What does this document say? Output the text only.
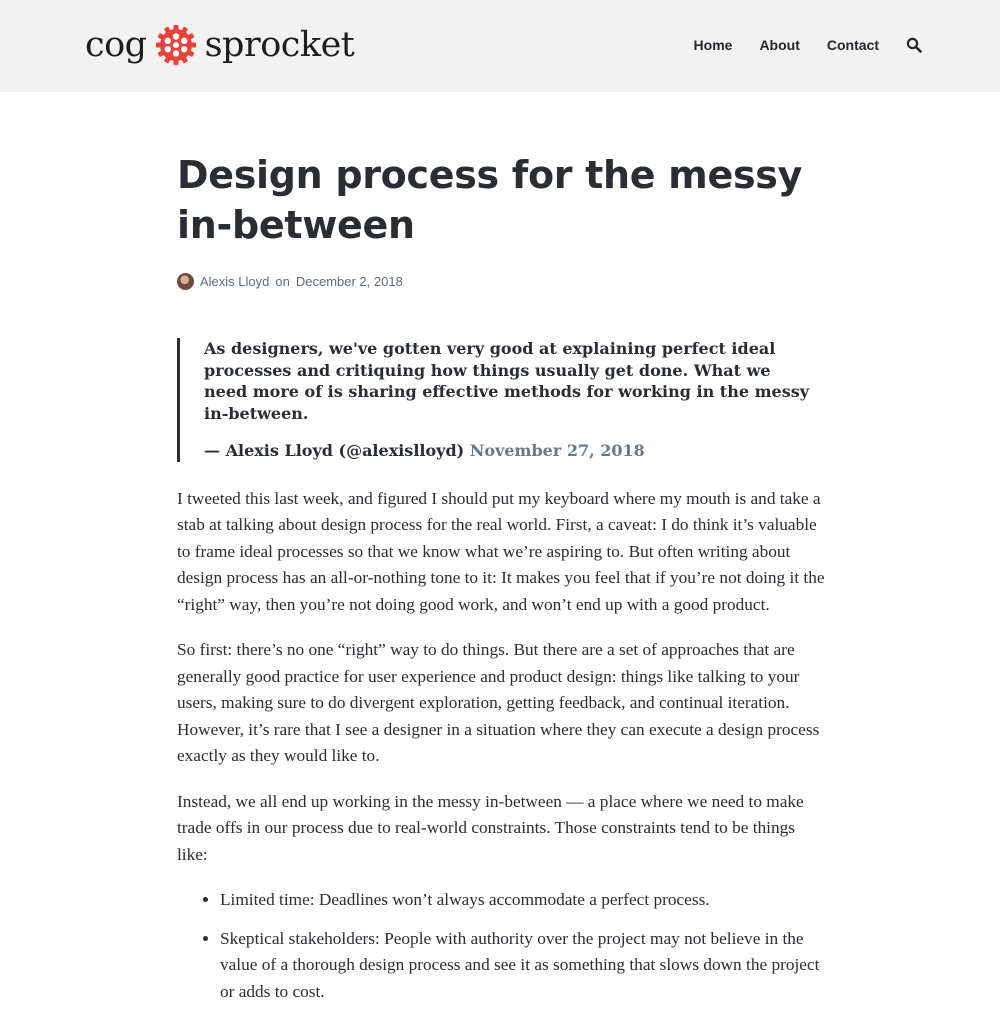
cog sprocket	Home About Contact
Design process for the messy in-between
Alexis Lloyd on December 2, 2018

As designers, we've gotten very good at explaining perfect ideal processes and critiquing how things usually get done. What we need more of is sharing effective methods for working in the messy in-between.

— Alexis Lloyd (@alexislloyd) November 27, 2018

I tweeted this last week, and figured I should put my keyboard where my mouth is and take a stab at talking about design process for the real world. First, a caveat: I do think it’s valuable to frame ideal processes so that we know what we’re aspiring to. But often writing about design process has an all-or-nothing tone to it: It makes you feel that if you’re not doing it the “right” way, then you’re not doing good work, and won’t end up with a good product.

So first: there’s no one “right” way to do things. But there are a set of approaches that are generally good practice for user experience and product design: things like talking to your users, making sure to do divergent exploration, getting feedback, and continual iteration. However, it’s rare that I see a designer in a situation where they can execute a design process exactly as they would like to.

Instead, we all end up working in the messy in-between — a place where we need to make trade offs in our process due to real-world constraints. Those constraints tend to be things like:

• Limited time: Deadlines won’t always accommodate a perfect process.
• Skeptical stakeholders: People with authority over the project may not believe in the value of a thorough design process and see it as something that slows down the project or adds to cost.
